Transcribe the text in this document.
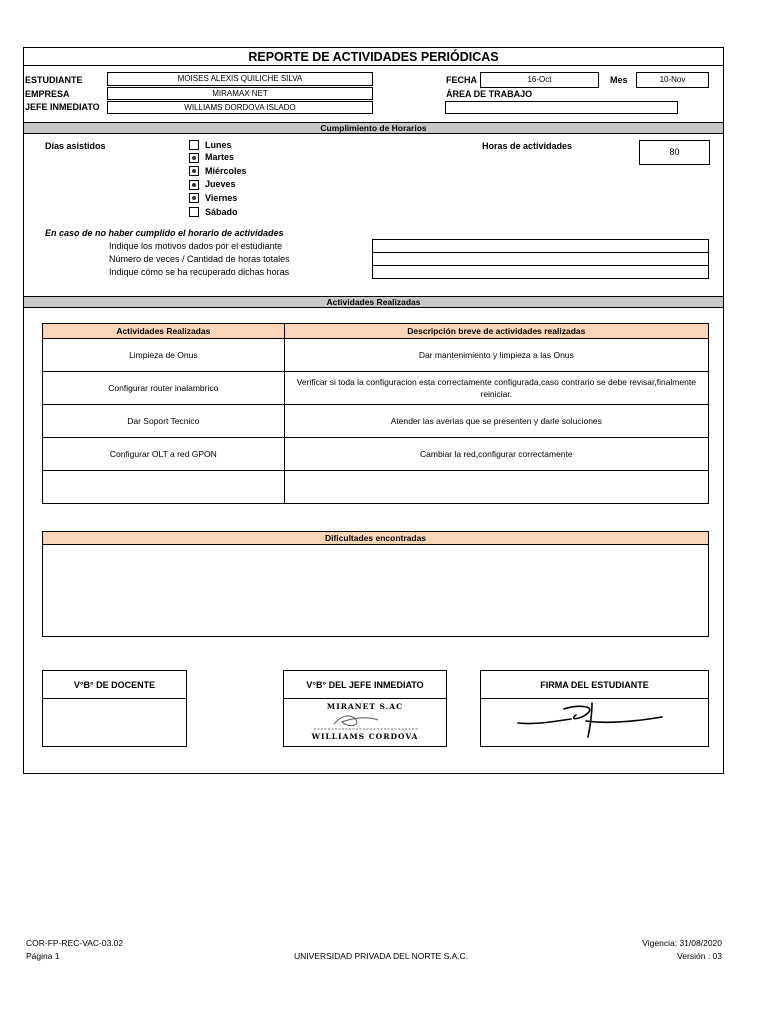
REPORTE DE ACTIVIDADES PERIÓDICAS
ESTUDIANTE	MOISES ALEXIS QUILICHE SILVA
EMPRESA	MIRAMAX NET
JEFE INMEDIATO	WILLIAMS DORDOVA ISLADO
FECHA	16-Oct	Mes	10-Nov
ÁREA DE TRABAJO
Cumplimiento de Horarios
Días asistidos	Lunes
Martes
Miércoles
Jueves
Viernes
Sábado
Horas de actividades
80
En caso de no haber cumplido el horario de actividades
Indique los motivos dados por el estudiante
Número de veces / Cantidad de horas totales
Indique cómo se ha recuperado dichas horas
Actividades Realizadas
Actividades Realizadas	Descripción breve de actividades realizadas
Limpieza de Onus	Dar mantenimiento y limpieza a las Onus
Configurar router inalambrico	Verificar si toda la configuracion esta correctamente configurada,caso contrario se debe revisar,finalmente reiniciar.
Dar Soport Tecnico	Atender las averias que se presenten y darle soluciones
Configurar OLT a red GPON	Cambiar la red,configurar correctamente

Dificultades encontradas
V°B° DE DOCENTE	V°B° DEL JEFE INMEDIATO
MIRANET S.AC
WILLIAMS CORDOVA
FIRMA DEL ESTUDIANTE
COR-FP-REC-VAC-03.02
Página 1	UNIVERSIDAD PRIVADA DEL NORTE S.A.C.
Vigencia: 31/08/2020
Versión : 03
